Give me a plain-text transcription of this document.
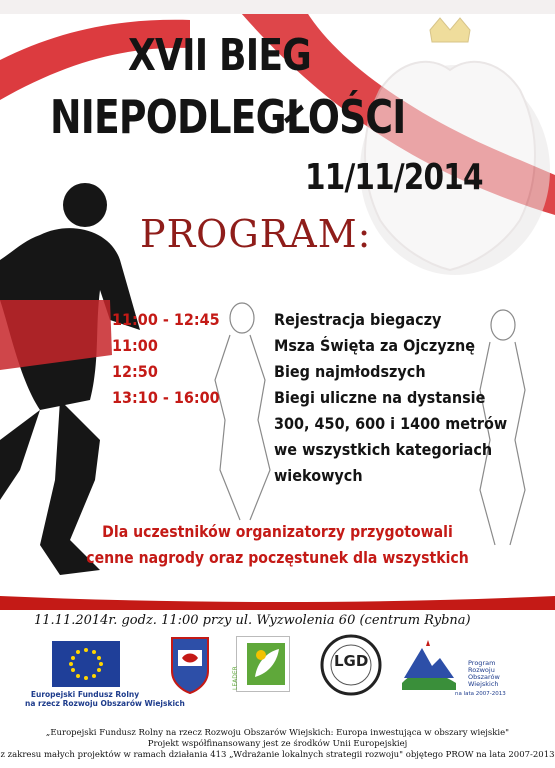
XVII BIEG
NIEPODLEGŁOŚCI
11/11/2014
PROGRAM:
11:00 - 12:45	Rejestracja biegaczy
11:00	Msza Święta za Ojczyznę
12:50	Bieg najmłodszych
13:10 - 16:00	Biegi uliczne na dystansie
300, 450, 600 i 1400 metrów
we wszystkich kategoriach
wiekowych
Dla uczestników organizatorzy przygotowali
cenne nagrody oraz poczęstunek dla wszystkich
11.11.2014r. godz. 11:00 przy ul. Wyzwolenia 60 (centrum Rybna)
Europejski Fundusz Rolny
na rzecz Rozwoju Obszarów Wiejskich
LEADER
LGD	Program
Rozwoju
Obszarów
Wiejskich
na lata 2007-2013
„Europejski Fundusz Rolny na rzecz Rozwoju Obszarów Wiejskich: Europa inwestująca w obszary wiejskie"
Projekt współfinansowany jest ze środków Unii Europejskiej
z zakresu małych projektów w ramach działania 413 „Wdrażanie lokalnych strategii rozwoju" objętego PROW na lata 2007-2013
